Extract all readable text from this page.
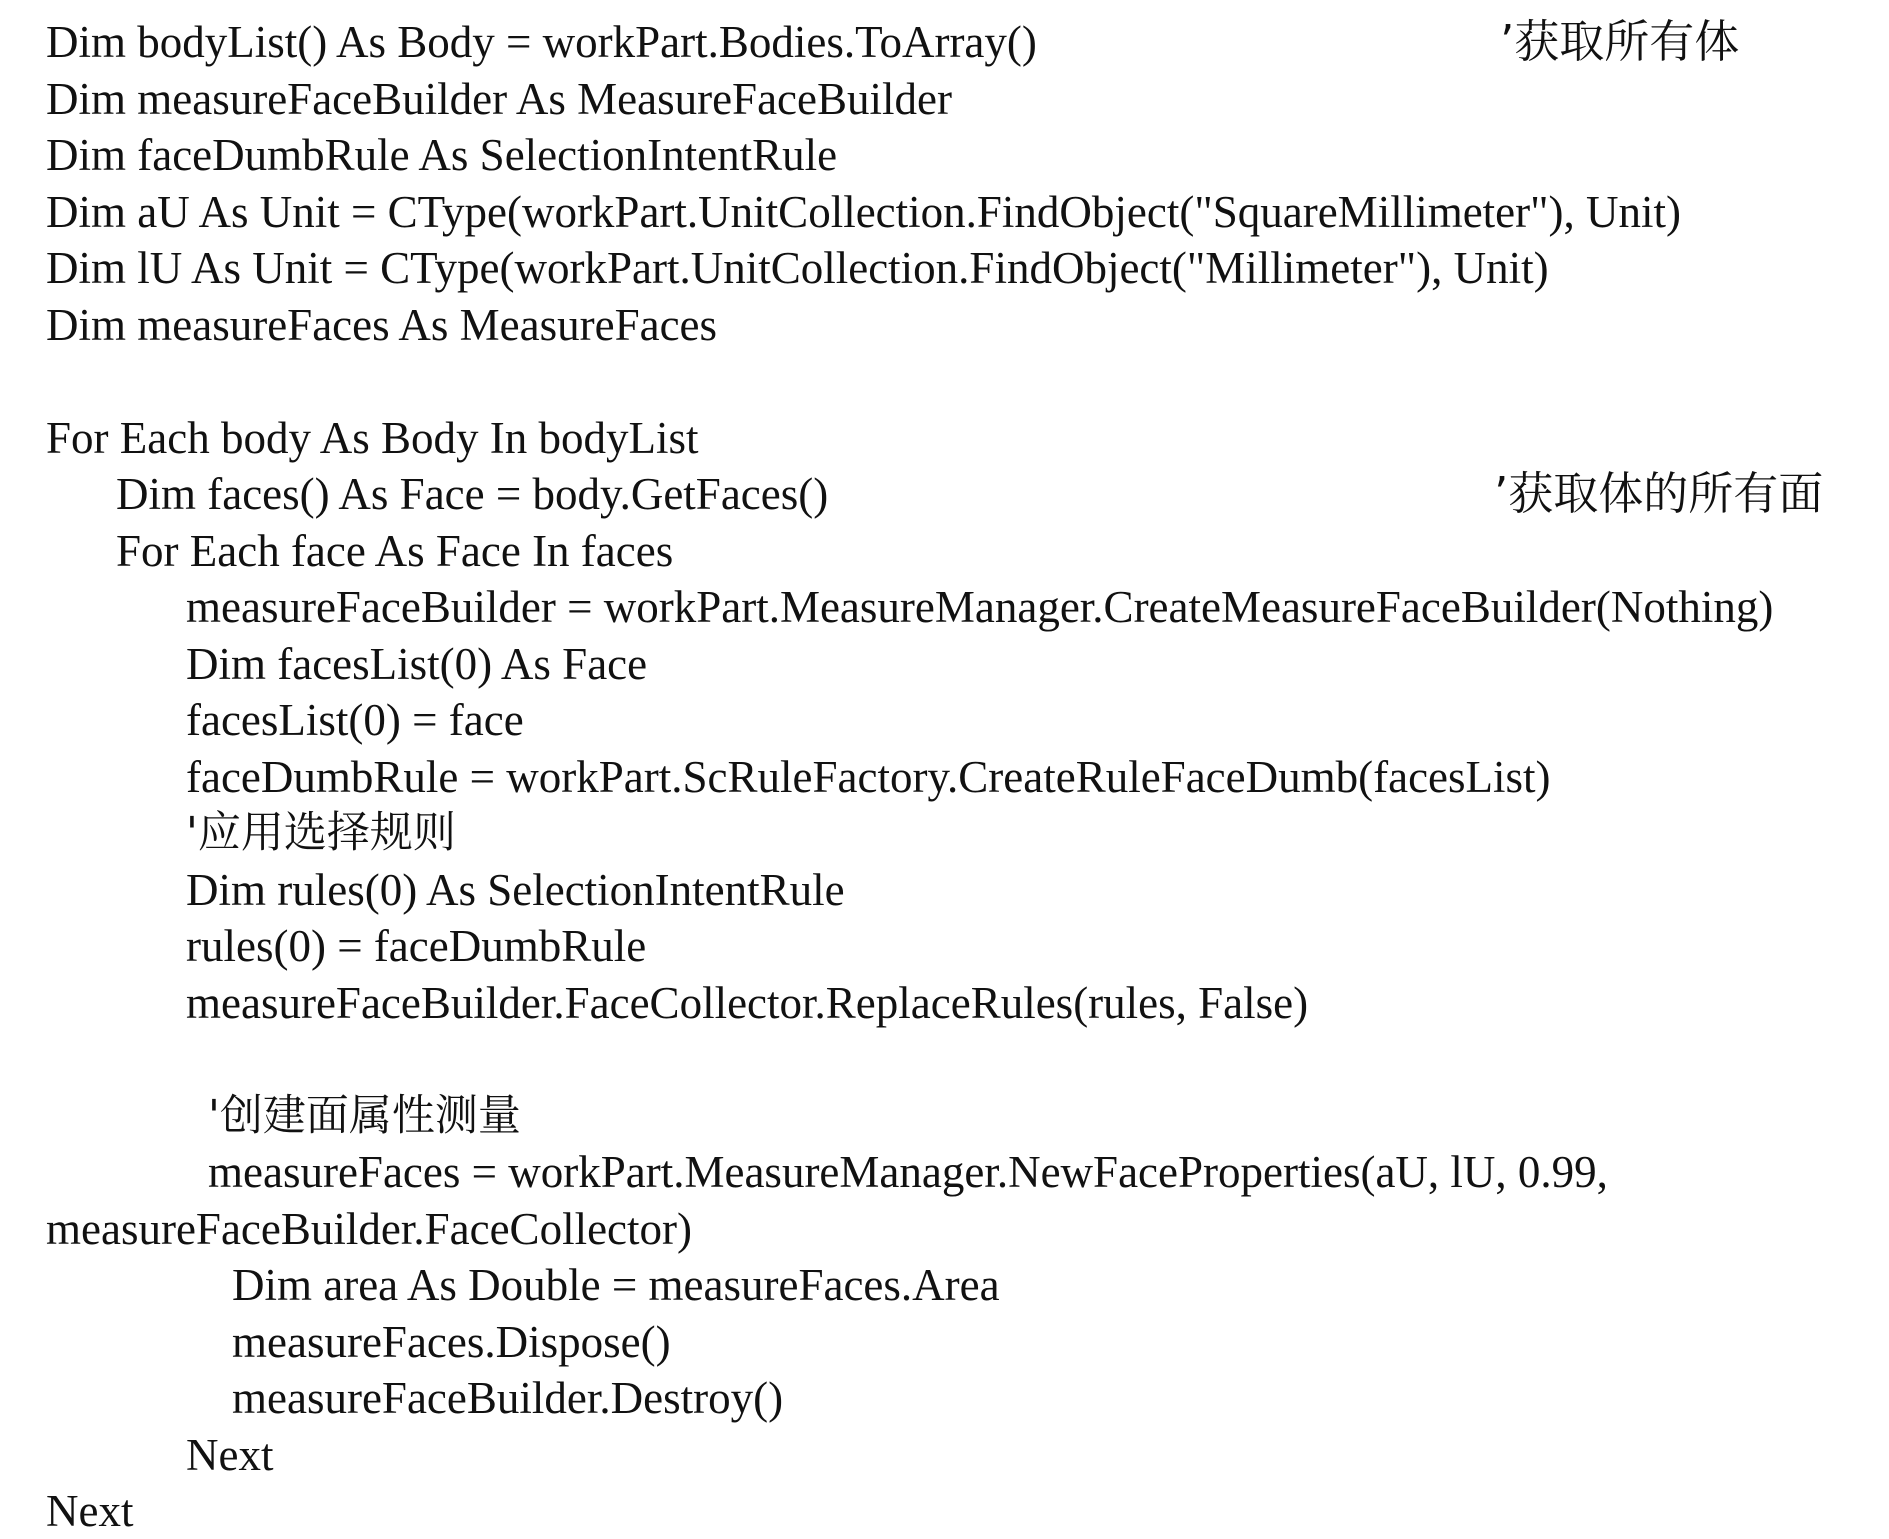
Dim bodyList() As Body = workPart.Bodies.ToArray()	’获取所有体
Dim measureFaceBuilder As MeasureFaceBuilder
Dim faceDumbRule As SelectionIntentRule
Dim aU As Unit = CType(workPart.UnitCollection.FindObject("SquareMillimeter"), Unit)
Dim lU As Unit = CType(workPart.UnitCollection.FindObject("Millimeter"), Unit)
Dim measureFaces As MeasureFaces
For Each body As Body In bodyList
Dim faces() As Face = body.GetFaces()	’获取体的所有面
For Each face As Face In faces
measureFaceBuilder = workPart.MeasureManager.CreateMeasureFaceBuilder(Nothing)
Dim facesList(0) As Face
facesList(0) = face
faceDumbRule = workPart.ScRuleFactory.CreateRuleFaceDumb(facesList)
'应用选择规则
Dim rules(0) As SelectionIntentRule
rules(0) = faceDumbRule
measureFaceBuilder.FaceCollector.ReplaceRules(rules, False)
'创建面属性测量
measureFaces = workPart.MeasureManager.NewFaceProperties(aU, lU, 0.99,
measureFaceBuilder.FaceCollector)
Dim area As Double = measureFaces.Area
measureFaces.Dispose()
measureFaceBuilder.Destroy()
Next
Next
